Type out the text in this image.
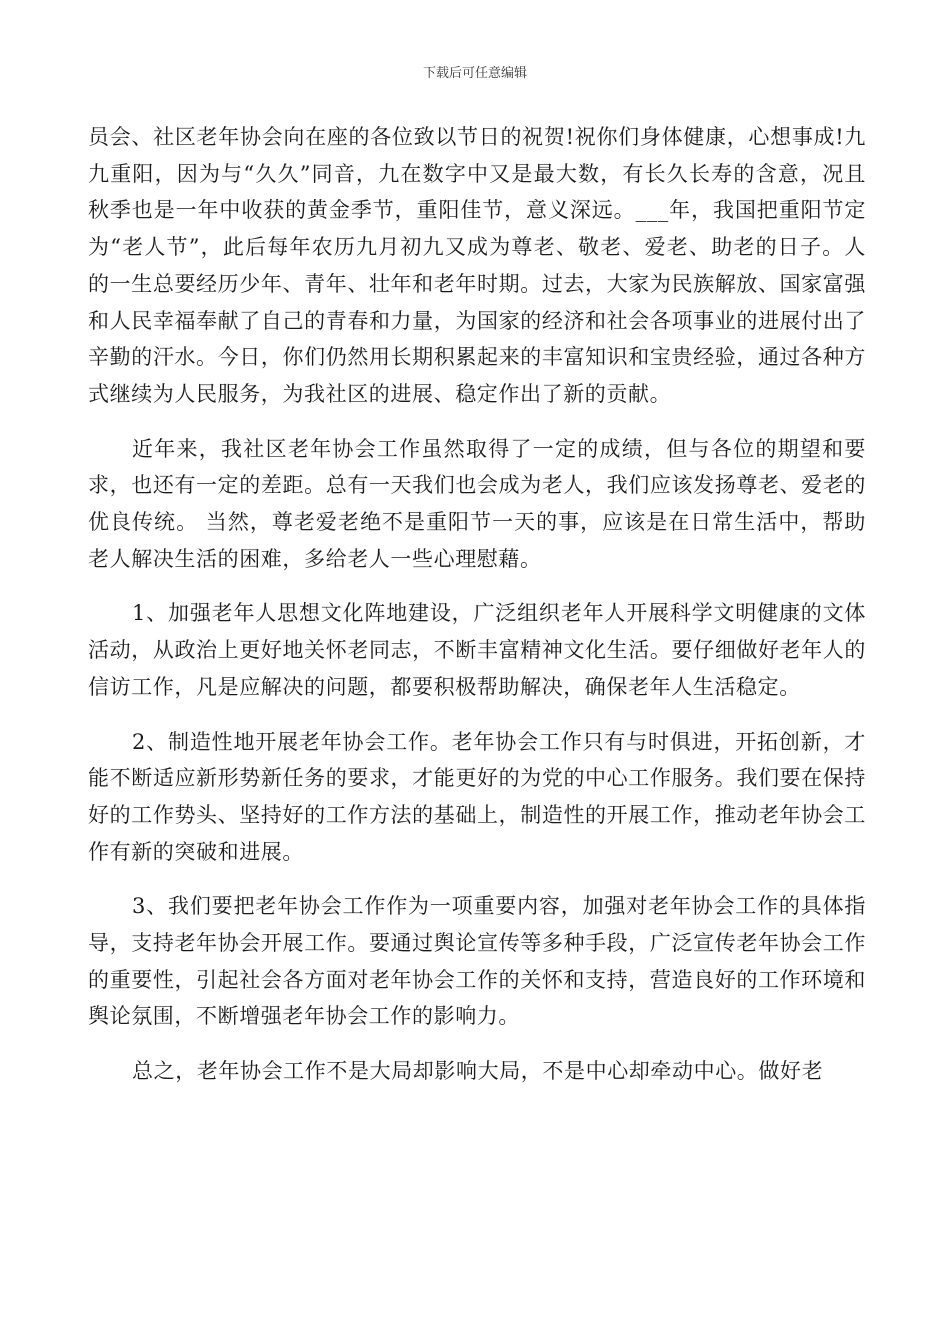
下载后可任意编辑

员会、社区老年协会向在座的各位致以节日的祝贺!祝你们身体健康，心想事成!九九重阳，因为与“久久”同音，九在数字中又是最大数，有长久长寿的含意，况且秋季也是一年中收获的黄金季节，重阳佳节，意义深远。___年，我国把重阳节定为“老人节”，此后每年农历九月初九又成为尊老、敬老、爱老、助老的日子。人的一生总要经历少年、青年、壮年和老年时期。过去，大家为民族解放、国家富强和人民幸福奉献了自己的青春和力量，为国家的经济和社会各项事业的进展付出了辛勤的汗水。今日，你们仍然用长期积累起来的丰富知识和宝贵经验，通过各种方式继续为人民服务，为我社区的进展、稳定作出了新的贡献。

近年来，我社区老年协会工作虽然取得了一定的成绩，但与各位的期望和要求，也还有一定的差距。总有一天我们也会成为老人，我们应该发扬尊老、爱老的优良传统。 当然，尊老爱老绝不是重阳节一天的事，应该是在日常生活中，帮助老人解决生活的困难，多给老人一些心理慰藉。

1、加强老年人思想文化阵地建设，广泛组织老年人开展科学文明健康的文体活动，从政治上更好地关怀老同志，不断丰富精神文化生活。要仔细做好老年人的信访工作，凡是应解决的问题，都要积极帮助解决，确保老年人生活稳定。

2、制造性地开展老年协会工作。老年协会工作只有与时俱进，开拓创新，才能不断适应新形势新任务的要求，才能更好的为党的中心工作服务。我们要在保持好的工作势头、坚持好的工作方法的基础上，制造性的开展工作，推动老年协会工作有新的突破和进展。

3、我们要把老年协会工作作为一项重要内容，加强对老年协会工作的具体指导，支持老年协会开展工作。要通过舆论宣传等多种手段，广泛宣传老年协会工作的重要性，引起社会各方面对老年协会工作的关怀和支持，营造良好的工作环境和舆论氛围，不断增强老年协会工作的影响力。

总之，老年协会工作不是大局却影响大局，不是中心却牵动中心。做好老
